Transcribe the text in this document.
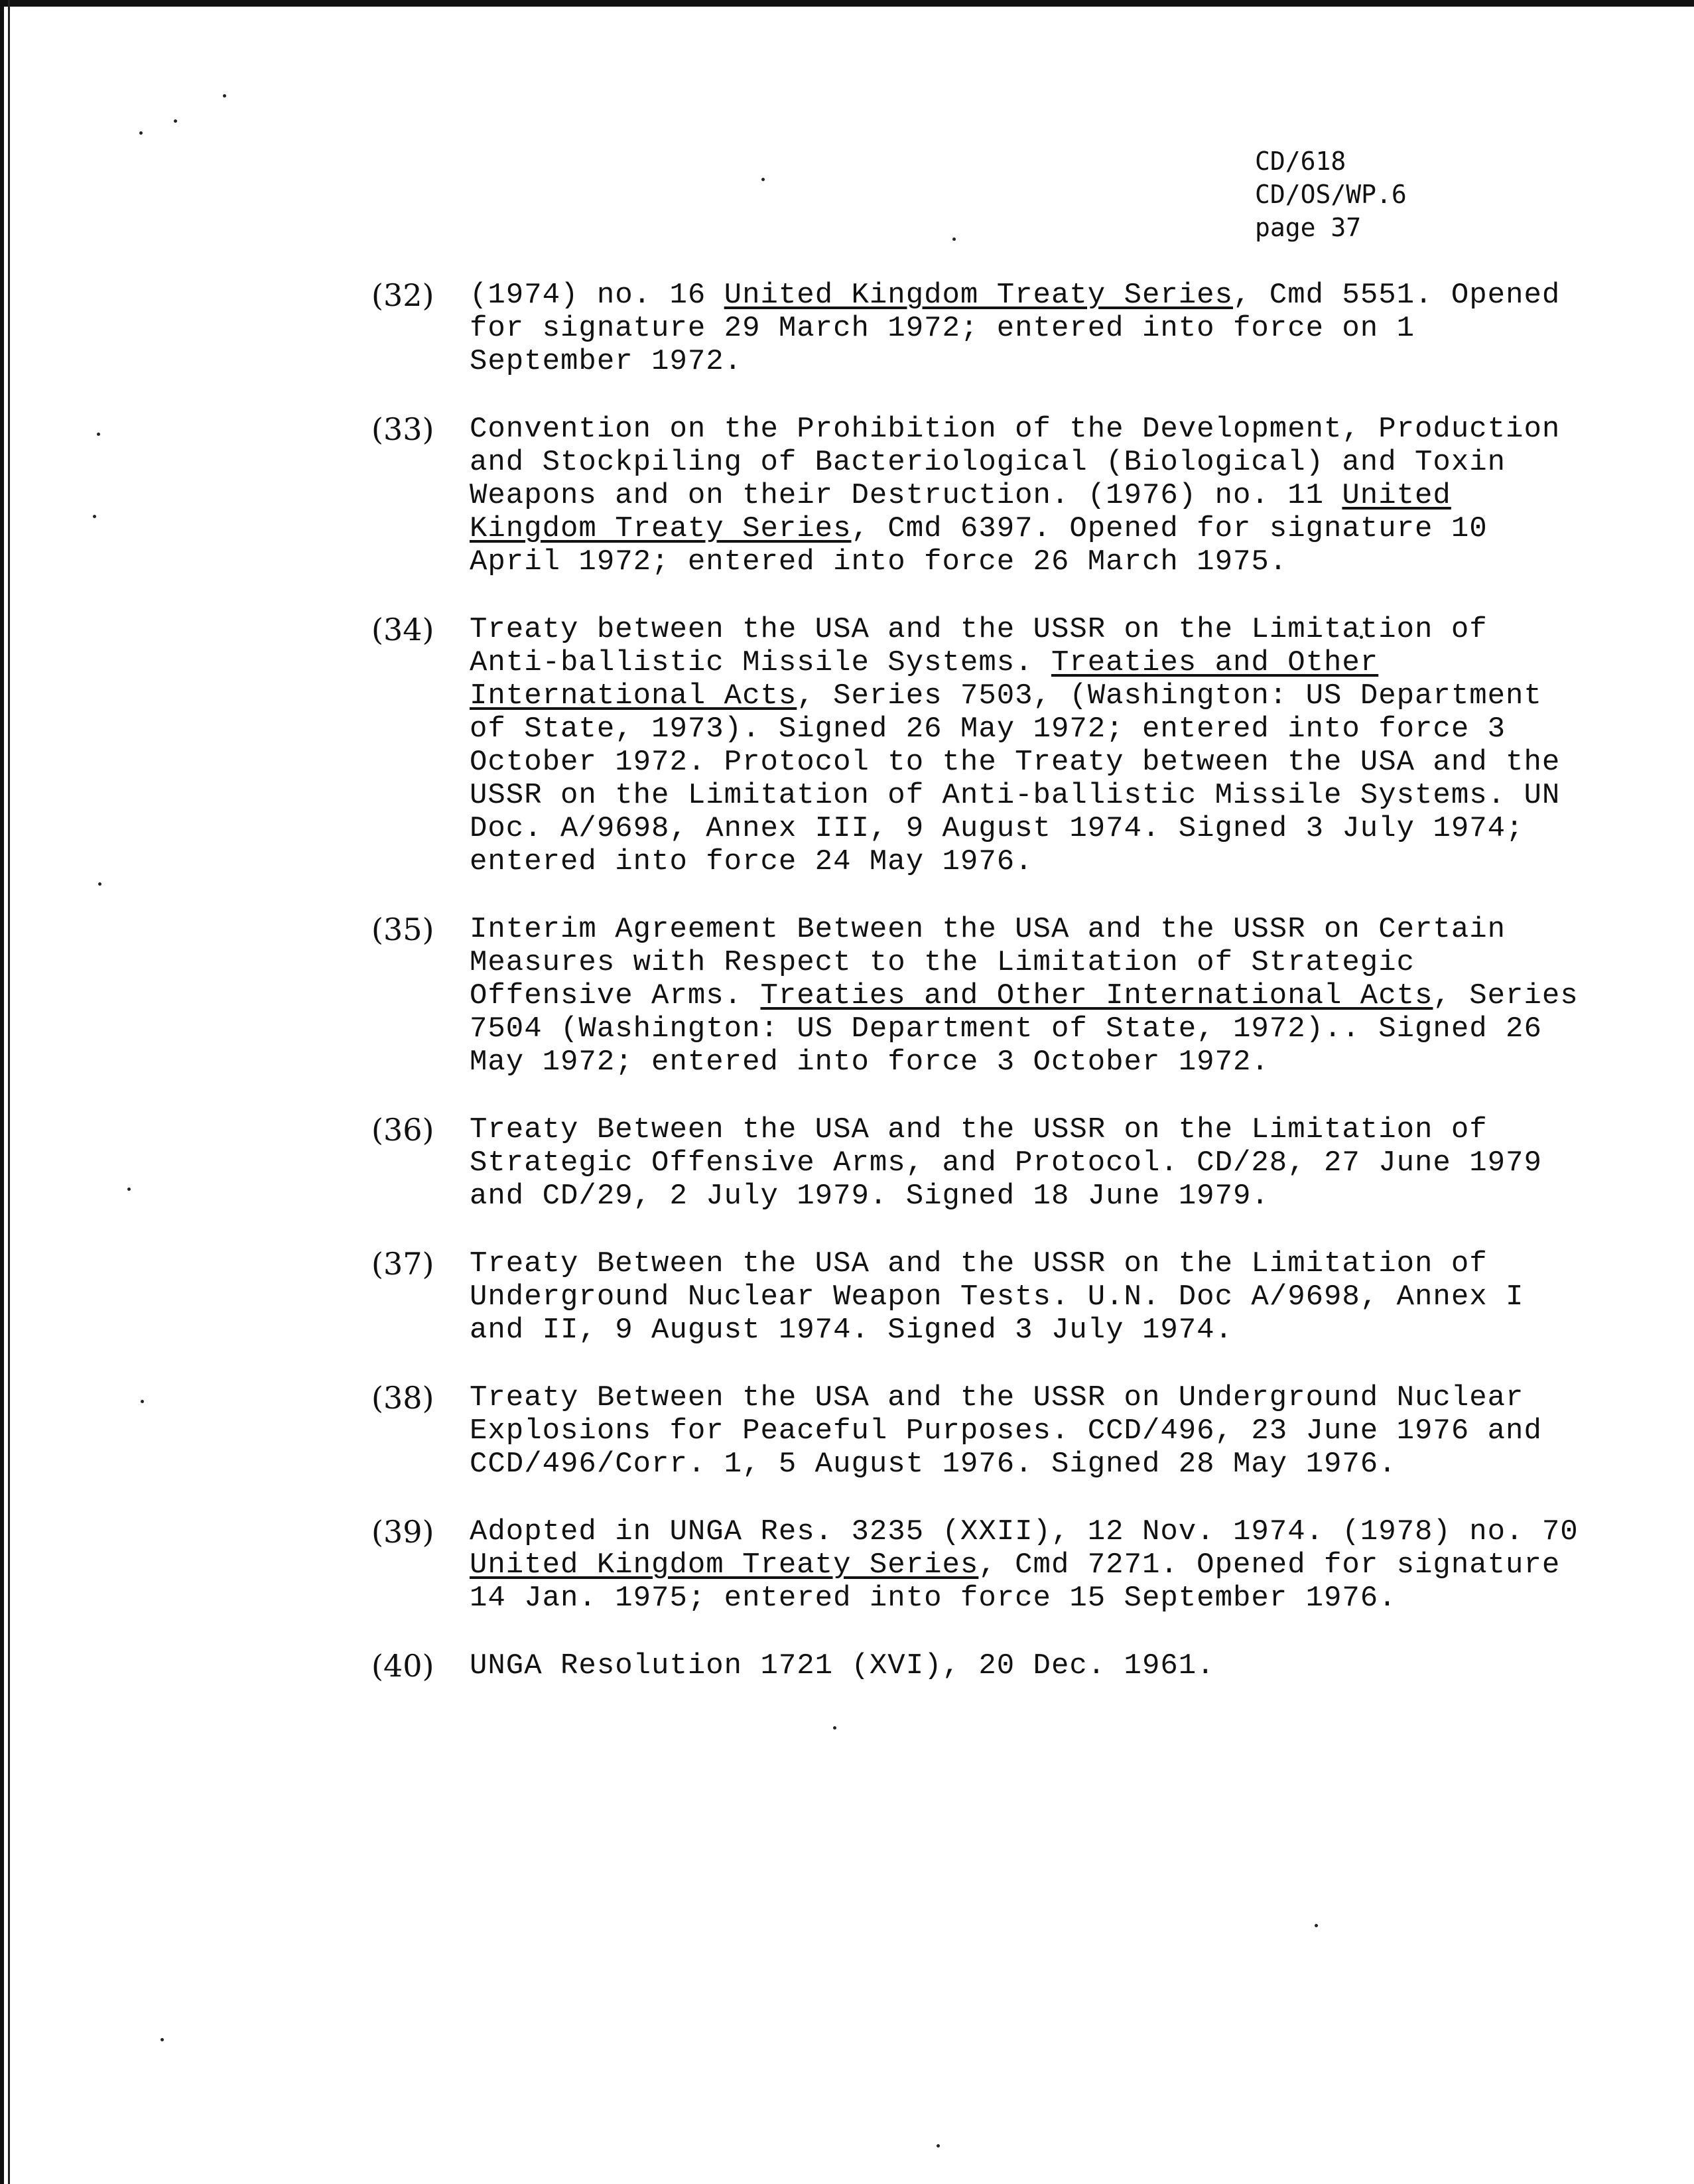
CD/618
CD/OS/WP.6
page 37
(32)	(1974) no. 16 United Kingdom Treaty Series, Cmd 5551. Opened for signature 29 March 1972; entered into force on 1 September 1972.
(33)	Convention on the Prohibition of the Development, Production and Stockpiling of Bacteriological (Biological) and Toxin Weapons and on their Destruction. (1976) no. 11 United Kingdom Treaty Series, Cmd 6397. Opened for signature 10 April 1972; entered into force 26 March 1975.
(34)	Treaty between the USA and the USSR on the Limitation of Anti-ballistic Missile Systems. Treaties and Other International Acts, Series 7503, (Washington: US Department of State, 1973). Signed 26 May 1972; entered into force 3 October 1972. Protocol to the Treaty between the USA and the USSR on the Limitation of Anti-ballistic Missile Systems. UN Doc. A/9698, Annex III, 9 August 1974. Signed 3 July 1974; entered into force 24 May 1976.
(35)	Interim Agreement Between the USA and the USSR on Certain Measures with Respect to the Limitation of Strategic Offensive Arms. Treaties and Other International Acts, Series 7504 (Washington: US Department of State, 1972).. Signed 26 May 1972; entered into force 3 October 1972.
(36)	Treaty Between the USA and the USSR on the Limitation of Strategic Offensive Arms, and Protocol. CD/28, 27 June 1979 and CD/29, 2 July 1979. Signed 18 June 1979.
(37)	Treaty Between the USA and the USSR on the Limitation of Underground Nuclear Weapon Tests. U.N. Doc A/9698, Annex I and II, 9 August 1974. Signed 3 July 1974.
(38)	Treaty Between the USA and the USSR on Underground Nuclear Explosions for Peaceful Purposes. CCD/496, 23 June 1976 and CCD/496/Corr. 1, 5 August 1976. Signed 28 May 1976.
(39)	Adopted in UNGA Res. 3235 (XXII), 12 Nov. 1974. (1978) no. 70 United Kingdom Treaty Series, Cmd 7271. Opened for signature 14 Jan. 1975; entered into force 15 September 1976.
(40)	UNGA Resolution 1721 (XVI), 20 Dec. 1961.
